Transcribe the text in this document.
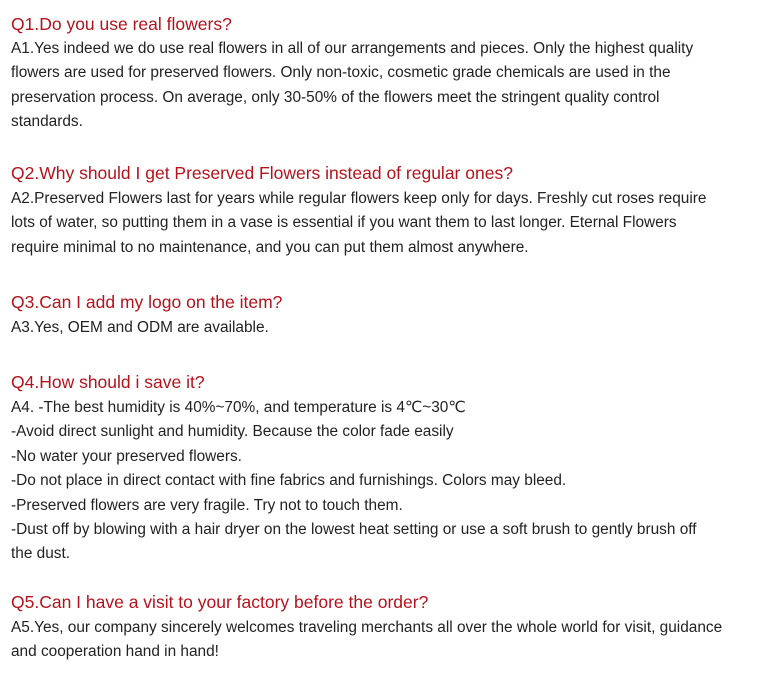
Q1.Do you use real flowers?

A1.Yes indeed we do use real flowers in all of our arrangements and pieces. Only the highest quality
flowers are used for preserved flowers. Only non-toxic, cosmetic grade chemicals are used in the
preservation process. On average, only 30-50% of the flowers meet the stringent quality control
standards.

Q2.Why should I get Preserved Flowers instead of regular ones?

A2.Preserved Flowers last for years while regular flowers keep only for days. Freshly cut roses require
lots of water, so putting them in a vase is essential if you want them to last longer. Eternal Flowers
require minimal to no maintenance, and you can put them almost anywhere.

Q3.Can I add my logo on the item?

A3.Yes, OEM and ODM are available.

Q4.How should i save it?

A4. -The best humidity is 40%~70%, and temperature is 4℃~30℃
-Avoid direct sunlight and humidity. Because the color fade easily
-No water your preserved flowers.
-Do not place in direct contact with fine fabrics and furnishings. Colors may bleed.
-Preserved flowers are very fragile. Try not to touch them.
-Dust off by blowing with a hair dryer on the lowest heat setting or use a soft brush to gently brush off
the dust.

Q5.Can I have a visit to your factory before the order?

A5.Yes, our company sincerely welcomes traveling merchants all over the whole world for visit, guidance
and cooperation hand in hand!
